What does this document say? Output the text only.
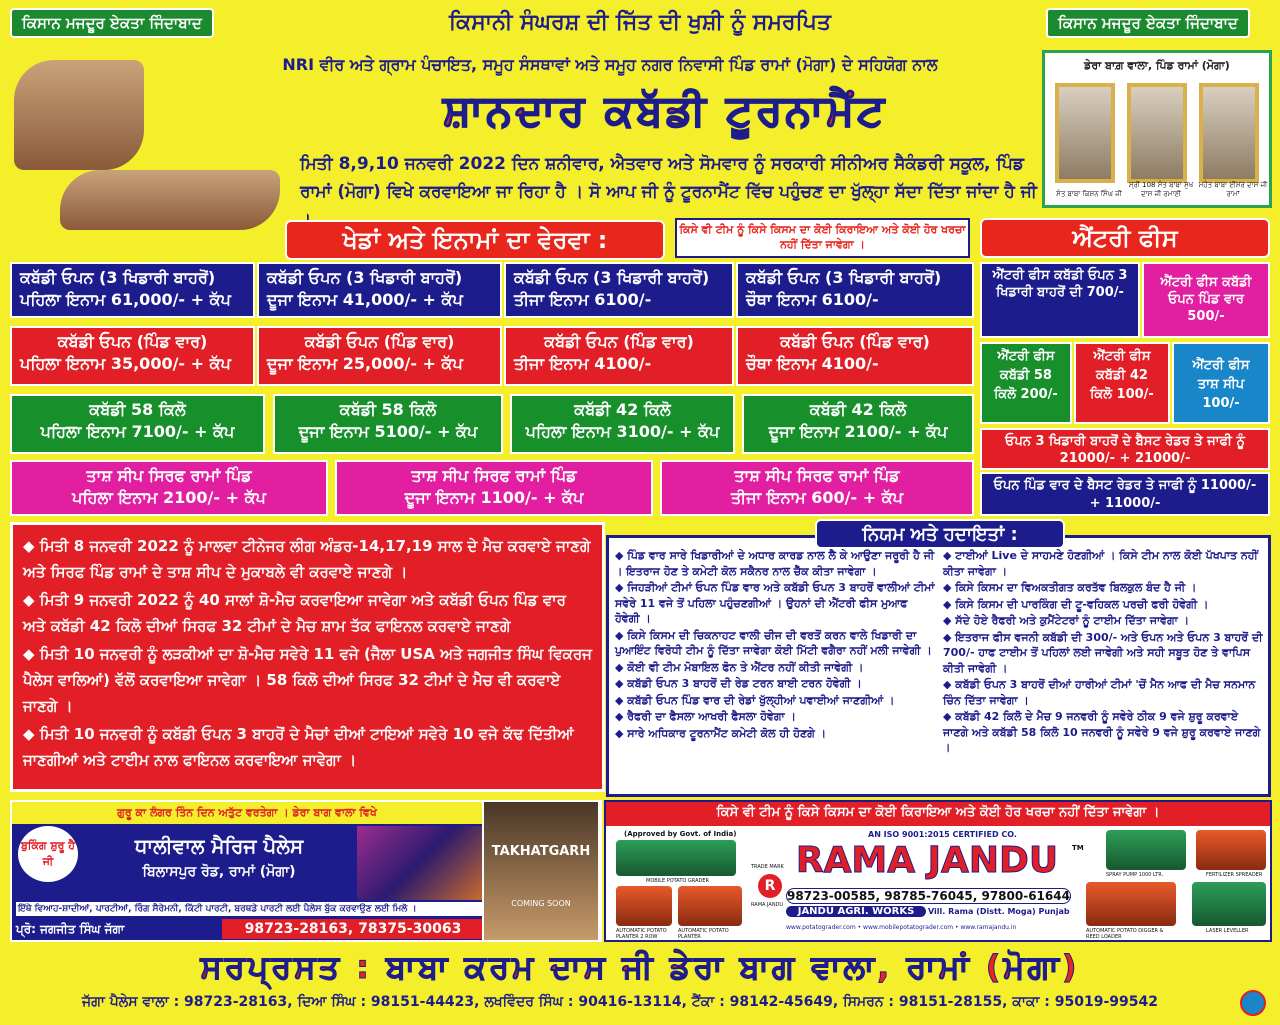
ਕਿਸਾਨ ਮਜਦੂਰ ਏਕਤਾ ਜਿੰਦਾਬਾਦ	ਕਿਸਾਨ ਮਜਦੂਰ ਏਕਤਾ ਜਿੰਦਾਬਾਦ
ਕਿਸਾਨੀ ਸੰਘਰਸ਼ ਦੀ ਜਿੱਤ ਦੀ ਖੁਸ਼ੀ ਨੂੰ ਸਮਰਪਿਤ
NRI ਵੀਰ ਅਤੇ ਗ੍ਰਾਮ ਪੰਚਾਇਤ, ਸਮੂਹ ਸੰਸਥਾਵਾਂ ਅਤੇ ਸਮੂਹ ਨਗਰ ਨਿਵਾਸੀ ਪਿੰਡ ਰਾਮਾਂ (ਮੋਗਾ) ਦੇ ਸਹਿਯੋਗ ਨਾਲ
ਸ਼ਾਨਦਾਰ ਕਬੱਡੀ ਟੂਰਨਾਮੈਂਟ
ਮਿਤੀ 8,9,10 ਜਨਵਰੀ 2022 ਦਿਨ ਸ਼ਨੀਵਾਰ, ਐਤਵਾਰ ਅਤੇ ਸੋਮਵਾਰ ਨੂੰ ਸਰਕਾਰੀ ਸੀਨੀਅਰ ਸੈਕੰਡਰੀ ਸਕੂਲ, ਪਿੰਡ ਰਾਮਾਂ (ਮੋਗਾ) ਵਿਖੇ ਕਰਵਾਇਆ ਜਾ ਰਿਹਾ ਹੈ । ਸੋ ਆਪ ਜੀ ਨੂੰ ਟੂਰਨਾਮੈਂਟ ਵਿੱਚ ਪਹੁੰਚਣ ਦਾ ਖੁੱਲ੍ਹਾ ਸੱਦਾ ਦਿੱਤਾ ਜਾਂਦਾ ਹੈ ਜੀ
ਡੇਰਾ ਬਾਗ਼ ਵਾਲਾ, ਪਿੰਡ ਰਾਮਾਂ (ਮੋਗਾ)
ਸੰਤ ਬਾਬਾ ਕਿਸ਼ਨ ਸਿੰਘ ਜੀ
ਸ੍ਰੀ 108 ਸੰਤ ਬਾਬਾ ਸੁਖ ਦਾਸ ਜੀ ਰਮਾਣੀ
ਮਹੰਤ ਬਾਬਾ ਈਸ਼ਰ ਦਾਸ ਜੀ ਰਾਮਾਂ
ਖੇਡਾਂ ਅਤੇ ਇਨਾਮਾਂ ਦਾ ਵੇਰਵਾ :	ਕਿਸੇ ਵੀ ਟੀਮ ਨੂੰ ਕਿਸੇ ਕਿਸਮ ਦਾ ਕੋਈ ਕਿਰਾਇਆ ਅਤੇ ਕੋਈ ਹੋਰ ਖਰਚਾ ਨਹੀਂ ਦਿੱਤਾ ਜਾਵੇਗਾ ।	ਐਂਟਰੀ ਫੀਸ
ਕਬੱਡੀ ਓਪਨ (3 ਖਿਡਾਰੀ ਬਾਹਰੋਂ)
ਪਹਿਲਾ ਇਨਾਮ 61,000/- + ਕੱਪ
ਕਬੱਡੀ ਓਪਨ (3 ਖਿਡਾਰੀ ਬਾਹਰੋਂ)
ਦੂਜਾ ਇਨਾਮ 41,000/- + ਕੱਪ
ਕਬੱਡੀ ਓਪਨ (3 ਖਿਡਾਰੀ ਬਾਹਰੋਂ)
ਤੀਜਾ ਇਨਾਮ 6100/-
ਕਬੱਡੀ ਓਪਨ (3 ਖਿਡਾਰੀ ਬਾਹਰੋਂ)
ਚੌਥਾ ਇਨਾਮ 6100/-
ਕਬੱਡੀ ਓਪਨ (ਪਿੰਡ ਵਾਰ)
ਪਹਿਲਾ ਇਨਾਮ 35,000/- + ਕੱਪ
ਕਬੱਡੀ ਓਪਨ (ਪਿੰਡ ਵਾਰ)
ਦੂਜਾ ਇਨਾਮ 25,000/- + ਕੱਪ
ਕਬੱਡੀ ਓਪਨ (ਪਿੰਡ ਵਾਰ)
ਤੀਜਾ ਇਨਾਮ 4100/-
ਕਬੱਡੀ ਓਪਨ (ਪਿੰਡ ਵਾਰ)
ਚੌਥਾ ਇਨਾਮ 4100/-
ਕਬੱਡੀ 58 ਕਿਲੋ
ਪਹਿਲਾ ਇਨਾਮ 7100/- + ਕੱਪ
ਕਬੱਡੀ 58 ਕਿਲੋ
ਦੂਜਾ ਇਨਾਮ 5100/- + ਕੱਪ
ਕਬੱਡੀ 42 ਕਿਲੋ
ਪਹਿਲਾ ਇਨਾਮ 3100/- + ਕੱਪ
ਕਬੱਡੀ 42 ਕਿਲੋ
ਦੂਜਾ ਇਨਾਮ 2100/- + ਕੱਪ
ਤਾਸ਼ ਸੀਪ ਸਿਰਫ ਰਾਮਾਂ ਪਿੰਡ
ਪਹਿਲਾ ਇਨਾਮ 2100/- + ਕੱਪ
ਤਾਸ਼ ਸੀਪ ਸਿਰਫ ਰਾਮਾਂ ਪਿੰਡ
ਦੂਜਾ ਇਨਾਮ 1100/- + ਕੱਪ
ਤਾਸ਼ ਸੀਪ ਸਿਰਫ ਰਾਮਾਂ ਪਿੰਡ
ਤੀਜਾ ਇਨਾਮ 600/- + ਕੱਪ
ਐਂਟਰੀ ਫੀਸ ਕਬੱਡੀ ਓਪਨ 3 ਖਿਡਾਰੀ ਬਾਹਰੋਂ ਦੀ 700/-
ਐਂਟਰੀ ਫੀਸ ਕਬੱਡੀ ਓਪਨ ਪਿੰਡ ਵਾਰ 500/-
ਐਂਟਰੀ ਫੀਸ ਕਬੱਡੀ 58 ਕਿਲੋ 200/-
ਐਂਟਰੀ ਫੀਸ ਕਬੱਡੀ 42 ਕਿਲੋ 100/-
ਐਂਟਰੀ ਫੀਸ ਤਾਸ਼ ਸੀਪ 100/-
ਓਪਨ 3 ਖਿਡਾਰੀ ਬਾਹਰੋਂ ਦੇ ਬੈਸਟ ਰੇਡਰ ਤੇ ਜਾਫੀ ਨੂੰ 21000/- + 21000/-
ਓਪਨ ਪਿੰਡ ਵਾਰ ਦੇ ਬੈਸਟ ਰੇਡਰ ਤੇ ਜਾਫੀ ਨੂੰ 11000/- + 11000/-

◆ ਮਿਤੀ 8 ਜਨਵਰੀ 2022 ਨੂੰ ਮਾਲਵਾ ਟੀਨੇਜਰ ਲੀਗ ਅੰਡਰ-14,17,19 ਸਾਲ ਦੇ ਮੈਚ ਕਰਵਾਏ ਜਾਣਗੇ ਅਤੇ ਸਿਰਫ ਪਿੰਡ ਰਾਮਾਂ ਦੇ ਤਾਸ਼ ਸੀਪ ਦੇ ਮੁਕਾਬਲੇ ਵੀ ਕਰਵਾਏ ਜਾਣਗੇ ।

◆ ਮਿਤੀ 9 ਜਨਵਰੀ 2022 ਨੂੰ 40 ਸਾਲਾਂ ਸ਼ੋ-ਮੈਚ ਕਰਵਾਇਆ ਜਾਵੇਗਾ ਅਤੇ ਕਬੱਡੀ ਓਪਨ ਪਿੰਡ ਵਾਰ ਅਤੇ ਕਬੱਡੀ 42 ਕਿਲੋ ਦੀਆਂ ਸਿਰਫ 32 ਟੀਮਾਂ ਦੇ ਮੈਚ ਸ਼ਾਮ ਤੱਕ ਫਾਇਨਲ ਕਰਵਾਏ ਜਾਣਗੇ

◆ ਮਿਤੀ 10 ਜਨਵਰੀ ਨੂੰ ਲੜਕੀਆਂ ਦਾ ਸ਼ੋ-ਮੈਚ ਸਵੇਰੇ 11 ਵਜੇ (ਜੈਲਾ USA ਅਤੇ ਜਗਜੀਤ ਸਿੰਘ ਵਿਕਰਜ ਪੈਲੇਸ ਵਾਲਿਆਂ) ਵੱਲੋਂ ਕਰਵਾਇਆ ਜਾਵੇਗਾ । 58 ਕਿਲੋ ਦੀਆਂ ਸਿਰਫ 32 ਟੀਮਾਂ ਦੇ ਮੈਚ ਵੀ ਕਰਵਾਏ ਜਾਣਗੇ ।

◆ ਮਿਤੀ 10 ਜਨਵਰੀ ਨੂੰ ਕਬੱਡੀ ਓਪਨ 3 ਬਾਹਰੋਂ ਦੇ ਮੈਚਾਂ ਦੀਆਂ ਟਾਇਆਂ ਸਵੇਰੇ 10 ਵਜੇ ਕੱਢ ਦਿੱਤੀਆਂ ਜਾਣਗੀਆਂ ਅਤੇ ਟਾਈਮ ਨਾਲ ਫਾਇਨਲ ਕਰਵਾਇਆ ਜਾਵੇਗਾ ।

◆ ਪਿੰਡ ਵਾਰ ਸਾਰੇ ਖਿਡਾਰੀਆਂ ਦੇ ਅਧਾਰ ਕਾਰਡ ਨਾਲ ਲੈ ਕੇ ਆਉਣਾ ਜਰੂਰੀ ਹੈ ਜੀ । ਇਤਰਾਜ ਹੋਣ ਤੇ ਕਮੇਟੀ ਕੋਲ ਸਕੈਨਰ ਨਾਲ ਚੈੱਕ ਕੀਤਾ ਜਾਵੇਗਾ ।

◆ ਜਿਹੜੀਆਂ ਟੀਮਾਂ ਓਪਨ ਪਿੰਡ ਵਾਰ ਅਤੇ ਕਬੱਡੀ ਓਪਨ 3 ਬਾਹਰੋਂ ਵਾਲੀਆਂ ਟੀਮਾਂ ਸਵੇਰੇ 11 ਵਜੇ ਤੋਂ ਪਹਿਲਾ ਪਹੁੰਚਣਗੀਆਂ । ਉਹਨਾਂ ਦੀ ਐਂਟਰੀ ਫੀਸ ਮੁਆਫ ਹੋਵੇਗੀ ।

◆ ਕਿਸੇ ਕਿਸਮ ਦੀ ਚਿਕਨਾਹਟ ਵਾਲੀ ਚੀਜ ਦੀ ਵਰਤੋਂ ਕਰਨ ਵਾਲੇ ਖਿਡਾਰੀ ਦਾ ਪੁਆਇੰਟ ਵਿਰੋਧੀ ਟੀਮ ਨੂੰ ਦਿੱਤਾ ਜਾਵੇਗਾ ਕੋਈ ਮਿੱਟੀ ਵਗੈਰਾ ਨਹੀਂ ਮਲੀ ਜਾਵੇਗੀ ।

◆ ਕੋਈ ਵੀ ਟੀਮ ਮੋਬਾਇਲ ਫੋਨ ਤੇ ਐਂਟਰ ਨਹੀਂ ਕੀਤੀ ਜਾਵੇਗੀ ।

◆ ਕਬੱਡੀ ਓਪਨ 3 ਬਾਹਰੋਂ ਦੀ ਰੇਡ ਟਰਨ ਬਾਈ ਟਰਨ ਹੋਵੇਗੀ ।

◆ ਕਬੱਡੀ ਓਪਨ ਪਿੰਡ ਵਾਰ ਦੀ ਰੇਡਾਂ ਖੁੱਲ੍ਹੀਆਂ ਪਵਾਈਆਂ ਜਾਣਗੀਆਂ ।

◆ ਰੈਫਰੀ ਦਾ ਫੈਸਲਾ ਆਖਰੀ ਫੈਸਲਾ ਹੋਵੇਗਾ ।

◆ ਸਾਰੇ ਅਧਿਕਾਰ ਟੂਰਨਾਮੈਂਟ ਕਮੇਟੀ ਕੋਲ ਹੀ ਹੋਣਗੇ ।

◆ ਟਾਈਆਂ Live ਦੇ ਸਾਹਮਣੇ ਹੋਣਗੀਆਂ । ਕਿਸੇ ਟੀਮ ਨਾਲ ਕੋਈ ਪੱਖਪਾਤ ਨਹੀਂ ਕੀਤਾ ਜਾਵੇਗਾ ।

◆ ਕਿਸੇ ਕਿਸਮ ਦਾ ਵਿਅਕਤੀਗਤ ਕਰਤੱਵ ਬਿਲਕੁਲ ਬੰਦ ਹੈ ਜੀ ।

◆ ਕਿਸੇ ਕਿਸਮ ਦੀ ਪਾਰਕਿੰਗ ਦੀ ਟੂ-ਵਹਿਕਲ ਪਰਚੀ ਫਰੀ ਹੋਵੇਗੀ ।

◆ ਸੱਦੇ ਹੋਏ ਰੈਫਰੀ ਅਤੇ ਕੁਮੈਂਟੇਟਰਾਂ ਨੂੰ ਟਾਈਮ ਦਿੱਤਾ ਜਾਵੇਗਾ ।

◆ ਇਤਰਾਜ ਫੀਸ ਵਜਨੀ ਕਬੱਡੀ ਦੀ 300/- ਅਤੇ ਓਪਨ ਅਤੇ ਓਪਨ 3 ਬਾਹਰੋਂ ਦੀ 700/- ਹਾਫ ਟਾਈਮ ਤੋਂ ਪਹਿਲਾਂ ਲਈ ਜਾਵੇਗੀ ਅਤੇ ਸਹੀ ਸਬੂਤ ਹੋਣ ਤੇ ਵਾਪਿਸ ਕੀਤੀ ਜਾਵੇਗੀ ।

◆ ਕਬੱਡੀ ਓਪਨ 3 ਬਾਹਰੋਂ ਦੀਆਂ ਹਾਰੀਆਂ ਟੀਮਾਂ 'ਚੋਂ ਮੈਨ ਆਫ ਦੀ ਮੈਚ ਸਨਮਾਨ ਚਿੰਨ ਦਿੱਤਾ ਜਾਵੇਗਾ ।

◆ ਕਬੱਡੀ 42 ਕਿਲੋ ਦੇ ਮੈਚ 9 ਜਨਵਰੀ ਨੂੰ ਸਵੇਰੇ ਠੀਕ 9 ਵਜੇ ਸ਼ੁਰੂ ਕਰਵਾਏ ਜਾਣਗੇ ਅਤੇ ਕਬੱਡੀ 58 ਕਿਲੋ 10 ਜਨਵਰੀ ਨੂੰ ਸਵੇਰੇ 9 ਵਜੇ ਸ਼ੁਰੂ ਕਰਵਾਏ ਜਾਣਗੇ ।

ਨਿਯਮ ਅਤੇ ਹਦਾਇਤਾਂ :
ਗੁਰੂ ਕਾ ਲੰਗਰ ਤਿੰਨ ਦਿਨ ਅਤੁੱਟ ਵਰਤੇਗਾ । ਡੇਰਾ ਬਾਗ ਵਾਲਾ ਵਿਖੇ
ਬੁਕਿੰਗ ਸ਼ੁਰੂ ਹੈ ਜੀ
ਧਾਲੀਵਾਲ ਮੈਰਿਜ ਪੈਲੇਸ
ਬਿਲਾਸਪੁਰ ਰੋਡ, ਰਾਮਾਂ (ਮੋਗਾ)
ਇੱਥੇ ਵਿਆਹ-ਸ਼ਾਦੀਆਂ, ਪਾਰਟੀਆਂ, ਰਿੰਗ ਸੈਰੇਮਨੀ, ਕਿੱਟੀ ਪਾਰਟੀ, ਬਰਥਡੇ ਪਾਰਟੀ ਲਈ ਪੈਲੇਸ ਬੁੱਕ ਕਰਵਾਉਣ ਲਈ ਮਿਲੋ ।
ਪ੍ਰੋ: ਜਗਜੀਤ ਸਿੰਘ ਜੱਗਾ	98723-28163, 78375-30063
TAKHATGARH
COMING SOON
ਕਿਸੇ ਵੀ ਟੀਮ ਨੂੰ ਕਿਸੇ ਕਿਸਮ ਦਾ ਕੋਈ ਕਿਰਾਇਆ ਅਤੇ ਕੋਈ ਹੋਰ ਖਰਚਾ ਨਹੀਂ ਦਿੱਤਾ ਜਾਵੇਗਾ ।
(Approved by Govt. of India)	AN ISO 9001:2015 CERTIFIED CO.
RAMA JANDU	TM
98723-00585, 98785-76045, 97800-61644
JANDU AGRI. WORKS	Vill. Rama (Distt. Moga) Punjab
www.potatograder.com • www.mobilepotatograder.com • www.ramajandu.in
R
TRADE MARK
RAMA JANDU
MOBILE POTATO GRADER
AUTOMATIC POTATO PLANTER 2 ROW
AUTOMATIC POTATO PLANTER
SPRAY PUMP 1000 LTR.	FERTILIZER SPREADER
AUTOMATIC POTATO DIGGER & REED LOADER
LASER LEVELLER
ਸਰਪ੍ਰਸਤ : ਬਾਬਾ ਕਰਮ ਦਾਸ ਜੀ ਡੇਰਾ ਬਾਗ ਵਾਲਾ, ਰਾਮਾਂ (ਮੋਗਾ)
ਜੱਗਾ ਪੈਲੇਸ ਵਾਲਾ : 98723-28163, ਦਿਆ ਸਿੰਘ : 98151-44423, ਲਖਵਿੰਦਰ ਸਿੰਘ : 90416-13114, ਟੈਂਕਾ : 98142-45649, ਸਿਮਰਨ : 98151-28155, ਕਾਕਾ : 95019-99542
